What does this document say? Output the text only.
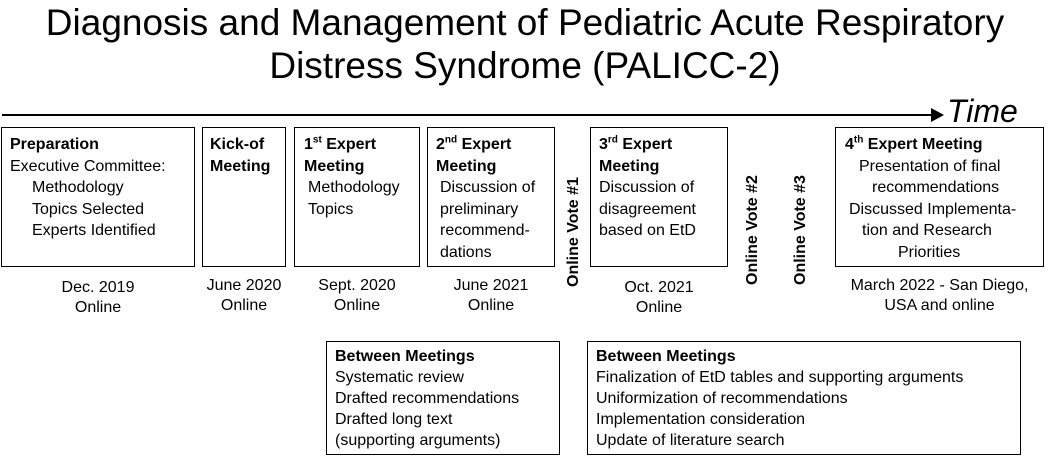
Diagnosis and Management of Pediatric Acute Respiratory
Distress Syndrome (PALICC-2)
Time
Preparation
Executive Committee:
Methodology
Topics Selected
Experts Identified
Kick-of Meeting
1st Expert Meeting
Methodology
Topics
2nd Expert Meeting
Discussion of
preliminary
recommend-
dations
3rd Expert Meeting
Discussion of
disagreement
based on EtD
4th Expert Meeting
Presentation of final
recommendations
Discussed Implementa-
tion and Research
Priorities
Dec. 2019
Online
June 2020
Online
Sept. 2020
Online
June 2021
Online
Oct. 2021
Online
March 2022 - San Diego,
USA and online
Online Vote #1	Online Vote #2 Online Vote #3
Between Meetings
Systematic review
Drafted recommendations
Drafted long text
(supporting arguments)
Between Meetings
Finalization of EtD tables and supporting arguments
Uniformization of recommendations
Implementation consideration
Update of literature search
